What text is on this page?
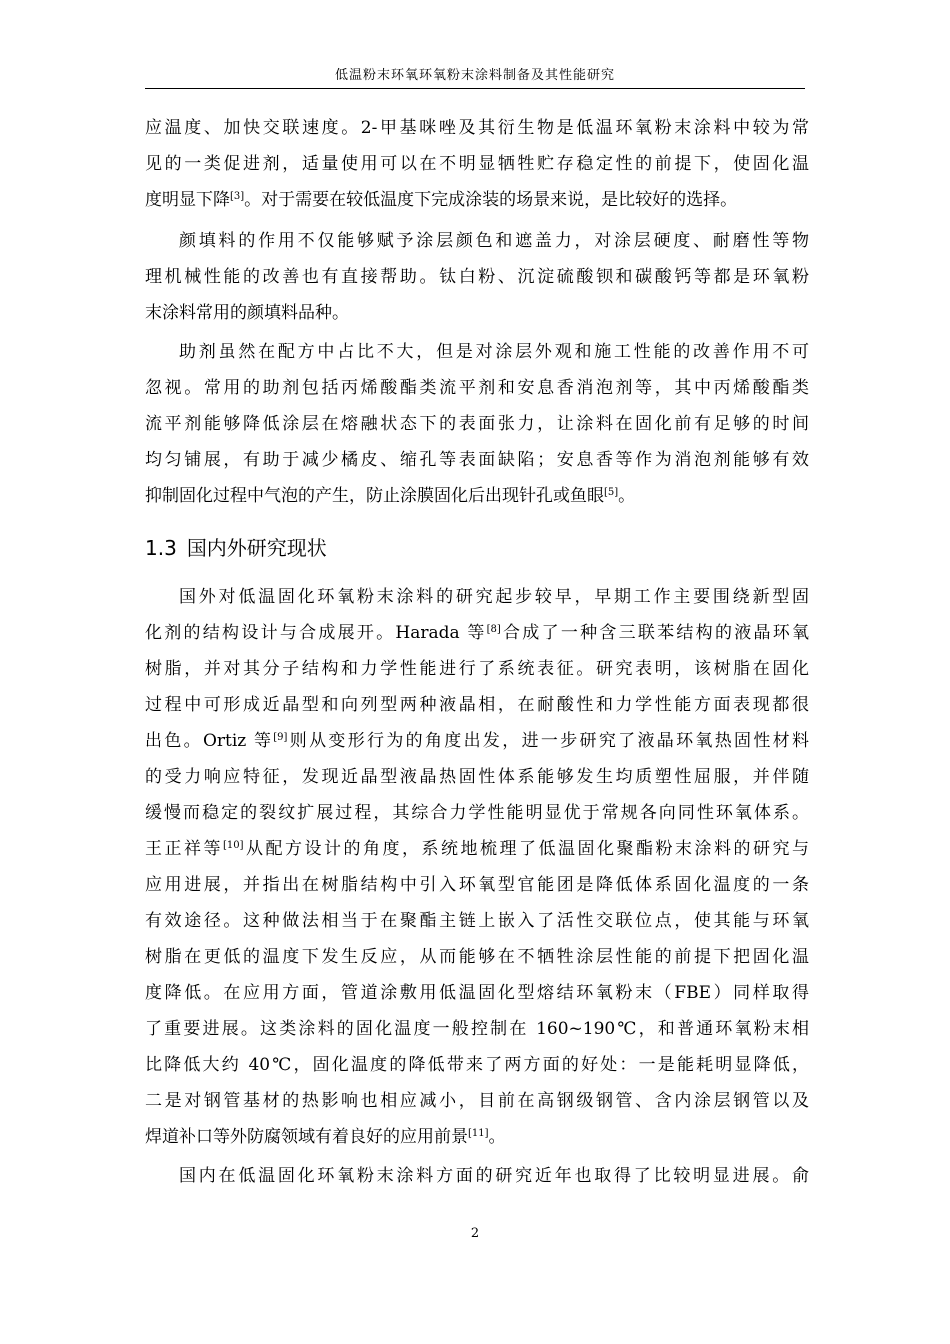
低温粉末环氧环氧粉末涂料制备及其性能研究
应温度、加快交联速度。2-甲基咪唑及其衍生物是低温环氧粉末涂料中较为常
见的一类促进剂，适量使用可以在不明显牺牲贮存稳定性的前提下，使固化温
度明显下降[3]。对于需要在较低温度下完成涂装的场景来说，是比较好的选择。
颜填料的作用不仅能够赋予涂层颜色和遮盖力，对涂层硬度、耐磨性等物
理机械性能的改善也有直接帮助。钛白粉、沉淀硫酸钡和碳酸钙等都是环氧粉
末涂料常用的颜填料品种。
助剂虽然在配方中占比不大，但是对涂层外观和施工性能的改善作用不可
忽视。常用的助剂包括丙烯酸酯类流平剂和安息香消泡剂等，其中丙烯酸酯类
流平剂能够降低涂层在熔融状态下的表面张力，让涂料在固化前有足够的时间
均匀铺展，有助于减少橘皮、缩孔等表面缺陷；安息香等作为消泡剂能够有效
抑制固化过程中气泡的产生，防止涂膜固化后出现针孔或鱼眼[5]。
1.3 国内外研究现状
国外对低温固化环氧粉末涂料的研究起步较早，早期工作主要围绕新型固
化剂的结构设计与合成展开。Harada 等[8]合成了一种含三联苯结构的液晶环氧
树脂，并对其分子结构和力学性能进行了系统表征。研究表明，该树脂在固化
过程中可形成近晶型和向列型两种液晶相，在耐酸性和力学性能方面表现都很
出色。Ortiz 等[9]则从变形行为的角度出发，进一步研究了液晶环氧热固性材料
的受力响应特征，发现近晶型液晶热固性体系能够发生均质塑性屈服，并伴随
缓慢而稳定的裂纹扩展过程，其综合力学性能明显优于常规各向同性环氧体系。
王正祥等[10]从配方设计的角度，系统地梳理了低温固化聚酯粉末涂料的研究与
应用进展，并指出在树脂结构中引入环氧型官能团是降低体系固化温度的一条
有效途径。这种做法相当于在聚酯主链上嵌入了活性交联位点，使其能与环氧
树脂在更低的温度下发生反应，从而能够在不牺牲涂层性能的前提下把固化温
度降低。在应用方面，管道涂敷用低温固化型熔结环氧粉末（FBE）同样取得
了重要进展。这类涂料的固化温度一般控制在 160~190℃，和普通环氧粉末相
比降低大约 40℃，固化温度的降低带来了两方面的好处：一是能耗明显降低，
二是对钢管基材的热影响也相应减小，目前在高钢级钢管、含内涂层钢管以及
焊道补口等外防腐领域有着良好的应用前景[11]。
国内在低温固化环氧粉末涂料方面的研究近年也取得了比较明显进展。俞
2
